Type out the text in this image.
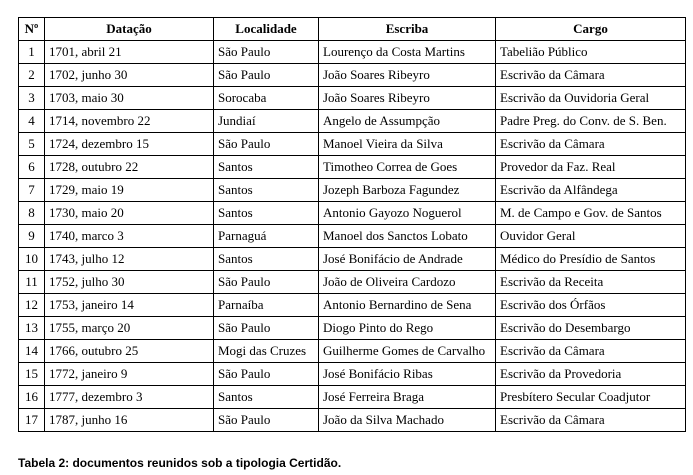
Nº	Datação	Localidade	Escriba	Cargo
1	1701, abril 21	São Paulo	Lourenço da Costa Martins	Tabelião Público
2	1702, junho 30	São Paulo	João Soares Ribeyro	Escrivão da Câmara
3	1703, maio 30	Sorocaba	João Soares Ribeyro	Escrivão da Ouvidoria Geral
4	1714, novembro 22	Jundiaí	Angelo de Assumpção	Padre Preg. do Conv. de S. Ben.
5	1724, dezembro 15	São Paulo	Manoel Vieira da Silva	Escrivão da Câmara
6	1728, outubro 22	Santos	Timotheo Correa de Goes	Provedor da Faz. Real
7	1729, maio 19	Santos	Jozeph Barboza Fagundez	Escrivão da Alfândega
8	1730, maio 20	Santos	Antonio Gayozo Noguerol	M. de Campo e Gov. de Santos
9	1740, marco 3	Parnaguá	Manoel dos Sanctos Lobato	Ouvidor Geral
10	1743, julho 12	Santos	José Bonifácio de Andrade	Médico do Presídio de Santos
11	1752, julho 30	São Paulo	João de Oliveira Cardozo	Escrivão da Receita
12	1753, janeiro 14	Parnaíba	Antonio Bernardino de Sena	Escrivão dos Órfãos
13	1755, março 20	São Paulo	Diogo Pinto do Rego	Escrivão do Desembargo
14	1766, outubro 25	Mogi das Cruzes	Guilherme Gomes de Carvalho	Escrivão da Câmara
15	1772, janeiro 9	São Paulo	José Bonifácio Ribas	Escrivão da Provedoria
16	1777, dezembro 3	Santos	José Ferreira Braga	Presbítero Secular Coadjutor
17	1787, junho 16	São Paulo	João da Silva Machado	Escrivão da Câmara
Tabela 2: documentos reunidos sob a tipologia Certidão.
